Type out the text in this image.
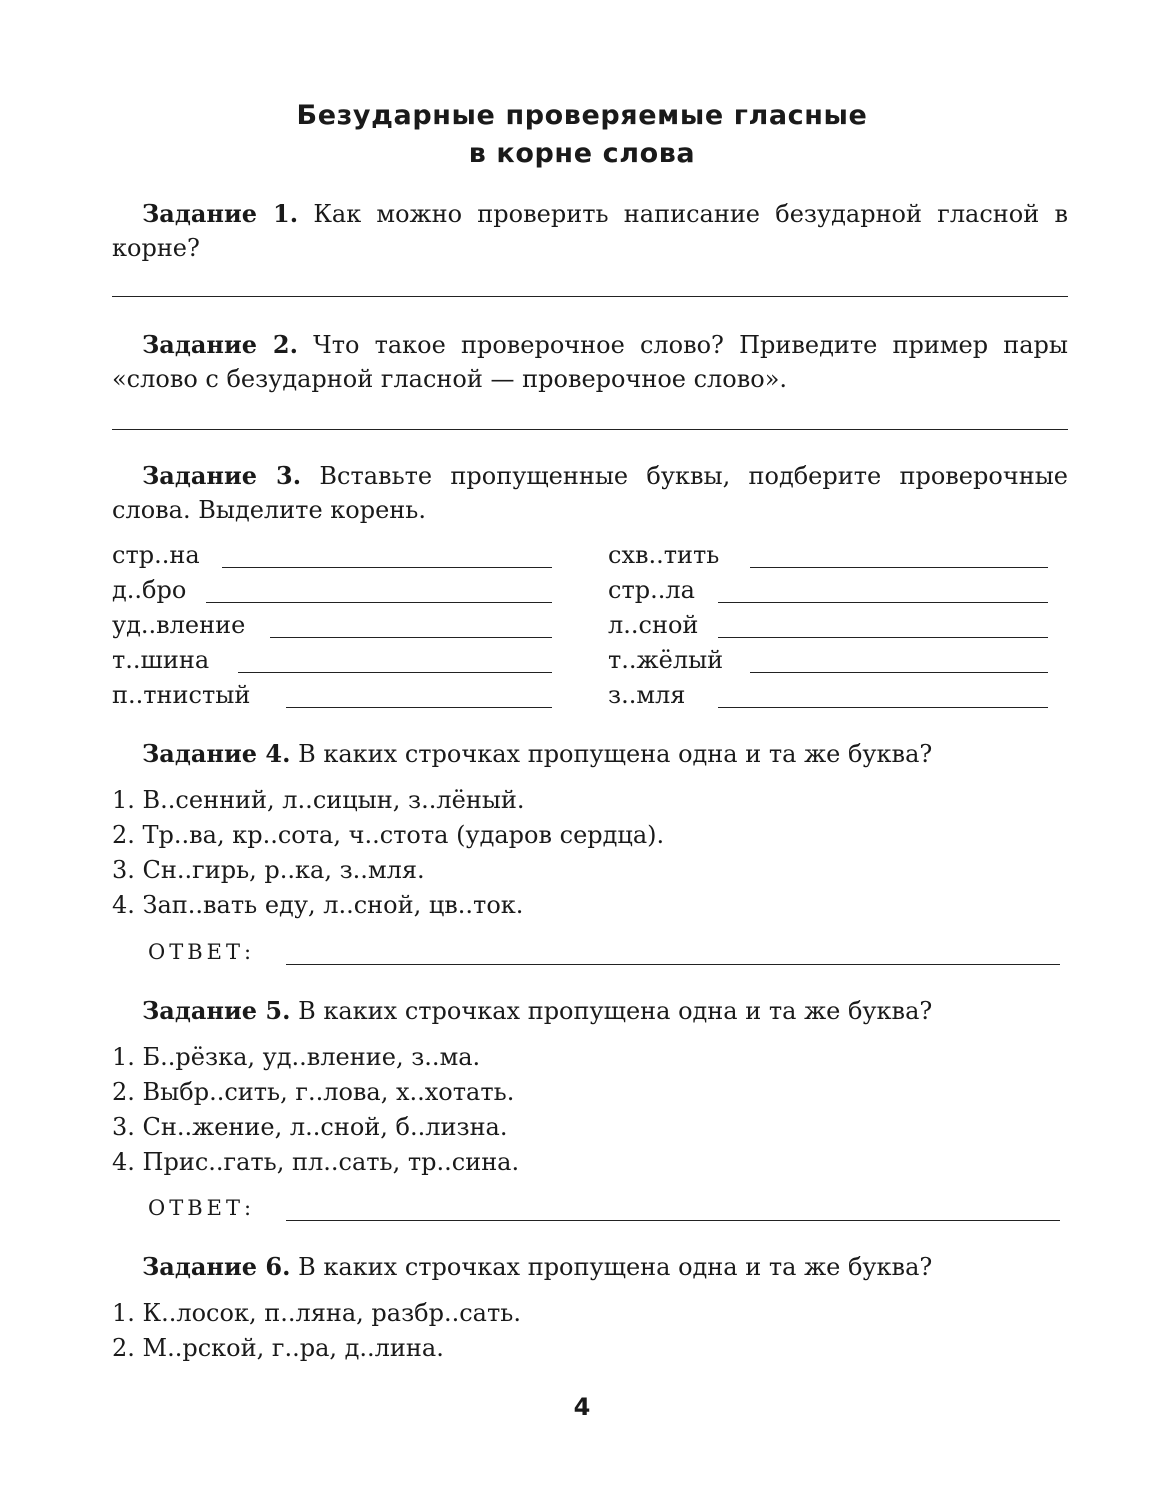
Безударные проверяемые гласные
в корне слова
Задание 1. Как можно проверить написание безударной гласной в корне?
Задание 2. Что такое проверочное слово? Приведите пример пары «слово с безударной гласной — проверочное слово».
Задание 3. Вставьте пропущенные буквы, подберите проверочные слова. Выделите корень.
стр..на
д..бро
уд..вление
т..шина
п..тнистый
схв..тить
стр..ла
л..сной
т..жёлый
з..мля
Задание 4. В каких строчках пропущена одна и та же буква?
1. В..сенний, л..сицын, з..лёный.
2. Тр..ва, кр..сота, ч..стота (ударов сердца).
3. Сн..гирь, р..ка, з..мля.
4. Зап..вать еду, л..сной, цв..ток.
ОТВЕТ:
Задание 5. В каких строчках пропущена одна и та же буква?
1. Б..рёзка, уд..вление, з..ма.
2. Выбр..сить, г..лова, х..хотать.
3. Сн..жение, л..сной, б..лизна.
4. Прис..гать, пл..сать, тр..сина.
ОТВЕТ:
Задание 6. В каких строчках пропущена одна и та же буква?
1. К..лосок, п..ляна, разбр..сать.
2. М..рской, г..ра, д..лина.
4
